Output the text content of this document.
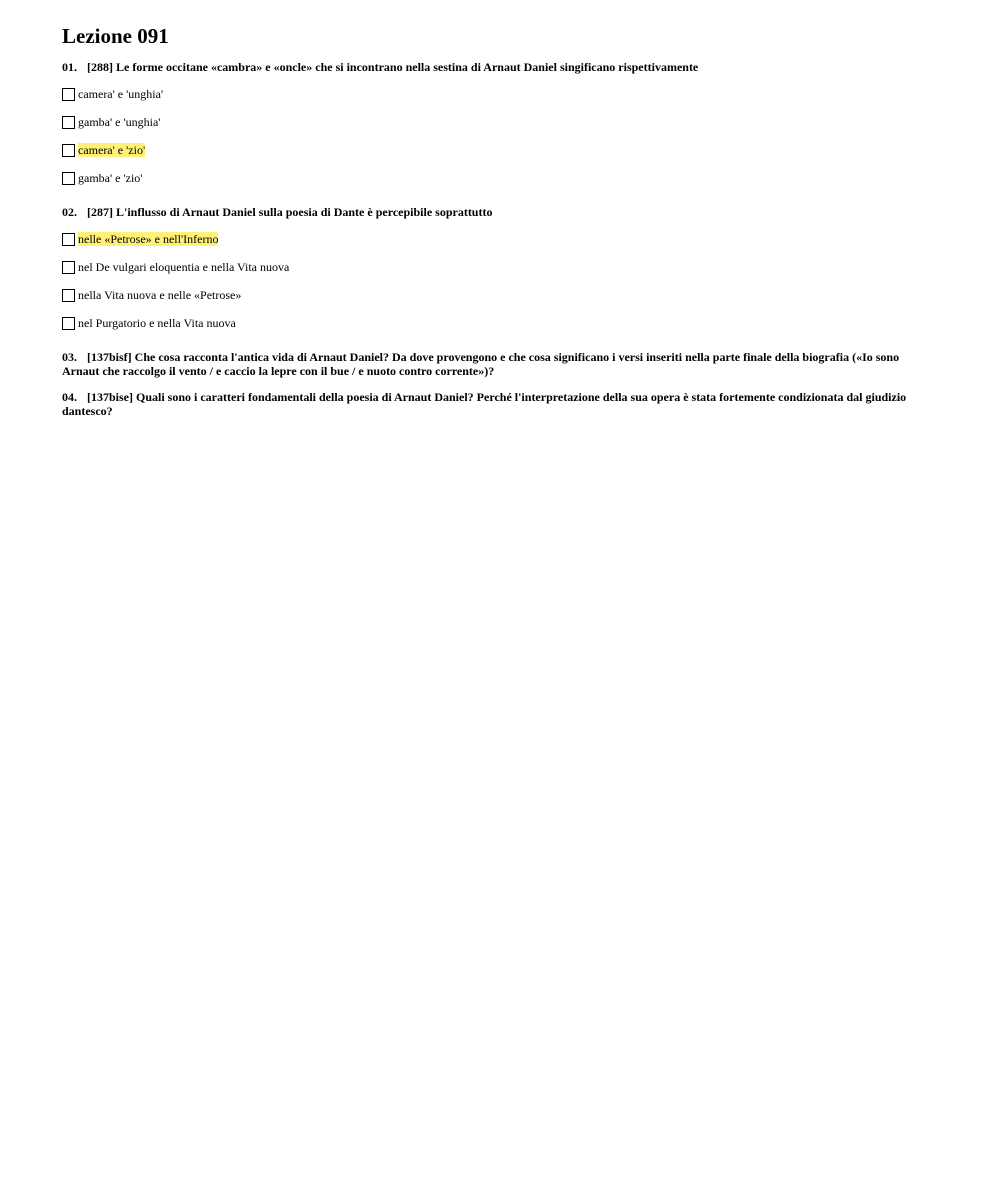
Lezione 091
01. [288] Le forme occitane «cambra» e «oncle» che si incontrano nella sestina di Arnaut Daniel singificano rispettivamente
camera' e 'unghia'
gamba' e 'unghia'
camera' e 'zio'
gamba' e 'zio'
02. [287] L'influsso di Arnaut Daniel sulla poesia di Dante è percepibile soprattutto
nelle «Petrose» e nell'Inferno
nel De vulgari eloquentia e nella Vita nuova
nella Vita nuova e nelle «Petrose»
nel Purgatorio e nella Vita nuova
03. [137bisf] Che cosa racconta l'antica vida di Arnaut Daniel? Da dove provengono e che cosa significano i versi inseriti nella parte finale della biografia («Io sono Arnaut che raccolgo il vento / e caccio la lepre con il bue / e nuoto contro corrente»)?
04. [137bise] Quali sono i caratteri fondamentali della poesia di Arnaut Daniel? Perché l'interpretazione della sua opera è stata fortemente condizionata dal giudizio dantesco?
